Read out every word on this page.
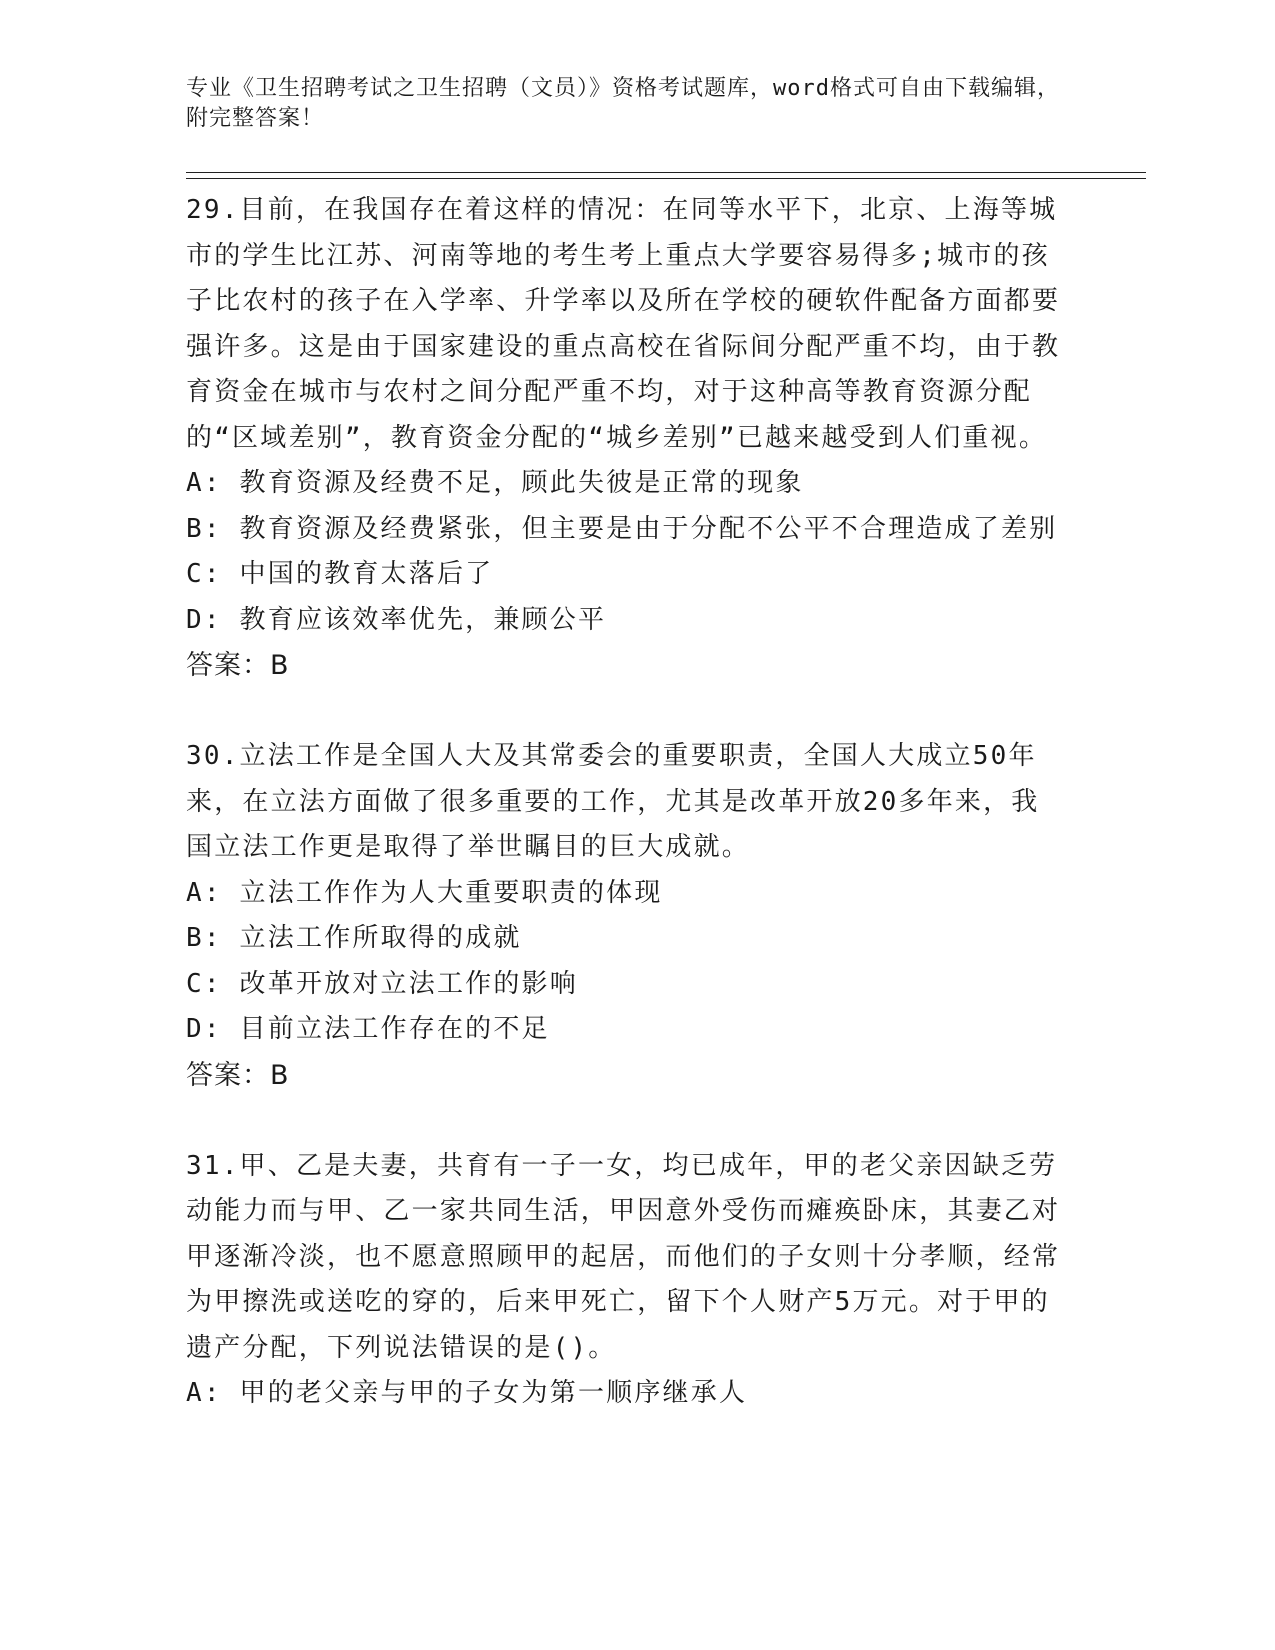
专业《卫生招聘考试之卫生招聘（文员）》资格考试题库，word格式可自由下载编辑，附完整答案！
29.目前，在我国存在着这样的情况：在同等水平下，北京、上海等城市的学生比江苏、河南等地的考生考上重点大学要容易得多;城市的孩子比农村的孩子在入学率、升学率以及所在学校的硬软件配备方面都要强许多。这是由于国家建设的重点高校在省际间分配严重不均，由于教育资金在城市与农村之间分配严重不均，对于这种高等教育资源分配的“区域差别”，教育资金分配的“城乡差别”已越来越受到人们重视。
A: 教育资源及经费不足，顾此失彼是正常的现象
B: 教育资源及经费紧张，但主要是由于分配不公平不合理造成了差别
C: 中国的教育太落后了
D: 教育应该效率优先，兼顾公平
答案：B
30.立法工作是全国人大及其常委会的重要职责，全国人大成立50年来，在立法方面做了很多重要的工作，尤其是改革开放20多年来，我国立法工作更是取得了举世瞩目的巨大成就。
A: 立法工作作为人大重要职责的体现
B: 立法工作所取得的成就
C: 改革开放对立法工作的影响
D: 目前立法工作存在的不足
答案：B
31.甲、乙是夫妻，共育有一子一女，均已成年，甲的老父亲因缺乏劳动能力而与甲、乙一家共同生活，甲因意外受伤而瘫痪卧床，其妻乙对甲逐渐冷淡，也不愿意照顾甲的起居，而他们的子女则十分孝顺，经常为甲擦洗或送吃的穿的，后来甲死亡，留下个人财产5万元。对于甲的遗产分配，下列说法错误的是()。
A: 甲的老父亲与甲的子女为第一顺序继承人
